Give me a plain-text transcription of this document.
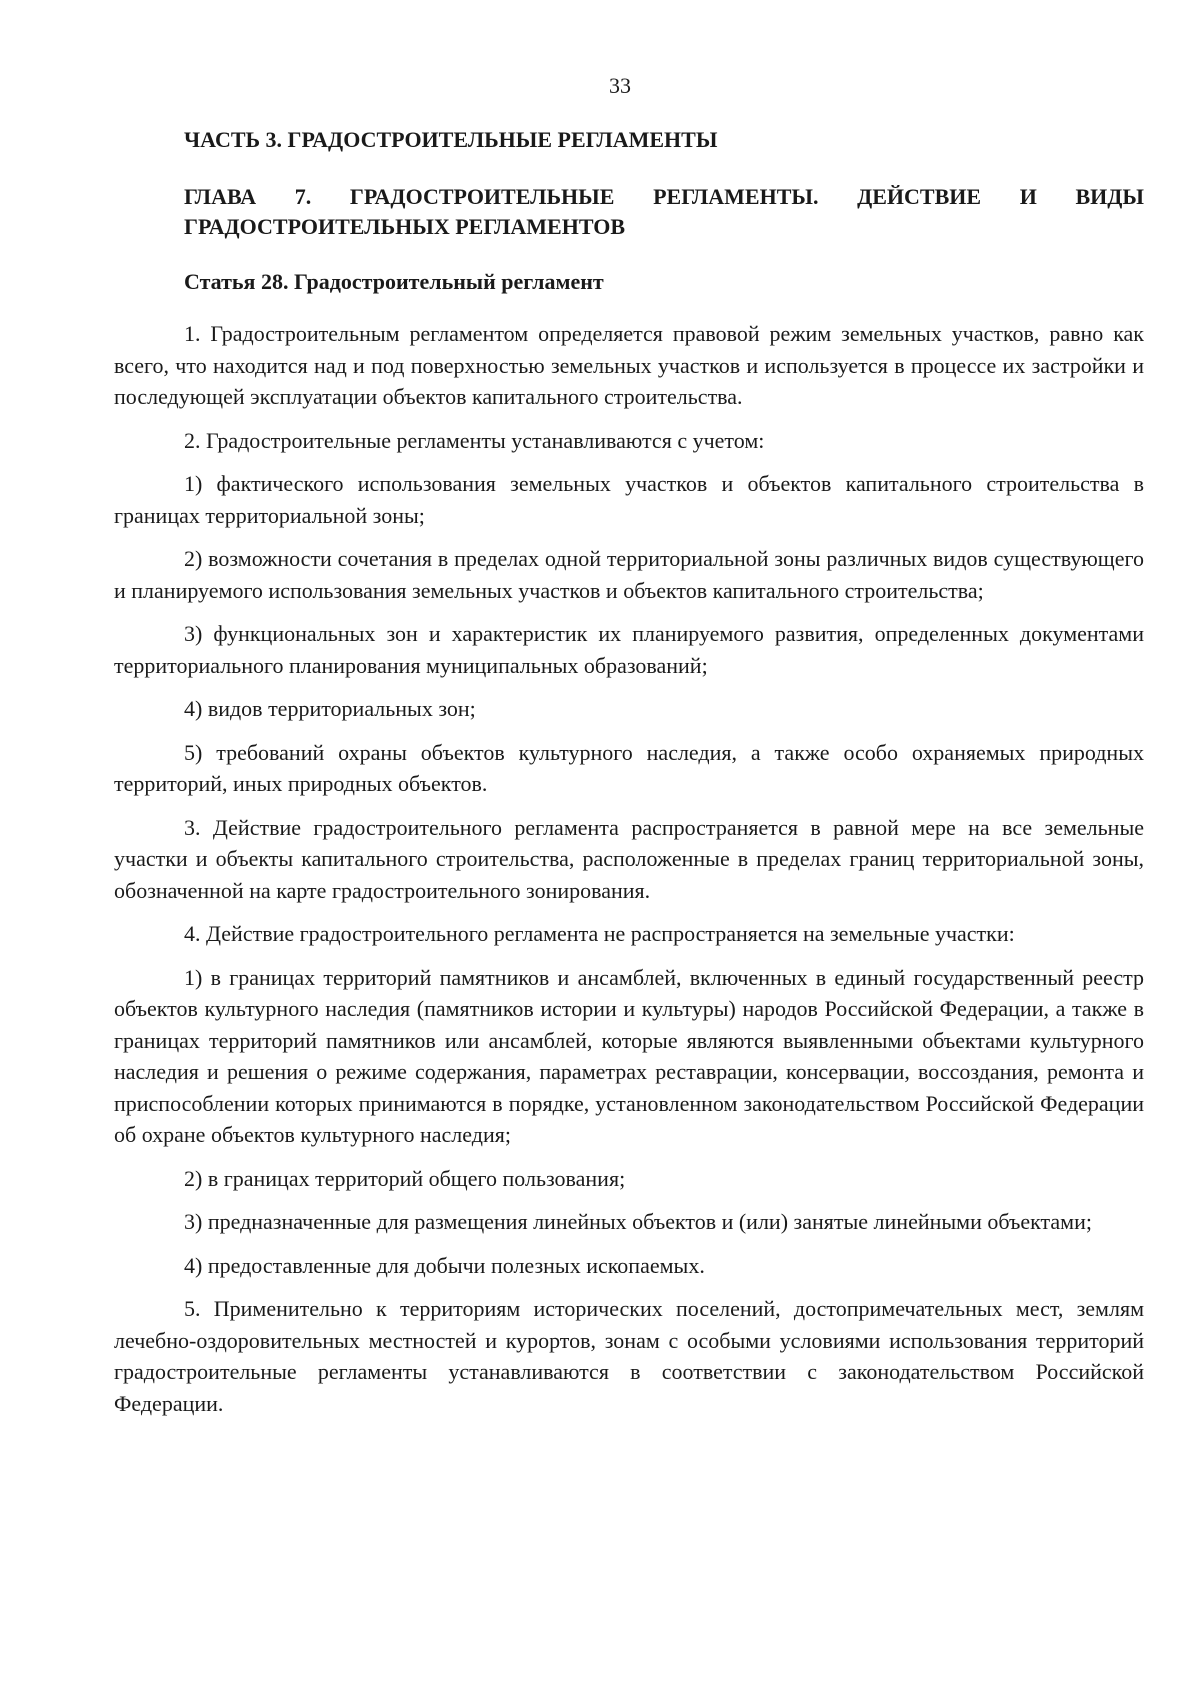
33
ЧАСТЬ 3. ГРАДОСТРОИТЕЛЬНЫЕ РЕГЛАМЕНТЫ
ГЛАВА 7. ГРАДОСТРОИТЕЛЬНЫЕ РЕГЛАМЕНТЫ. ДЕЙСТВИЕ И ВИДЫ
ГРАДОСТРОИТЕЛЬНЫХ РЕГЛАМЕНТОВ
Статья 28. Градостроительный регламент

1. Градостроительным регламентом определяется правовой режим земельных участков, равно как всего, что находится над и под поверхностью земельных участков и используется в процессе их застройки и последующей эксплуатации объектов капитального строительства.

2. Градостроительные регламенты устанавливаются с учетом:

1) фактического использования земельных участков и объектов капитального строительства в границах территориальной зоны;

2) возможности сочетания в пределах одной территориальной зоны различных видов существующего и планируемого использования земельных участков и объектов капитального строительства;

3) функциональных зон и характеристик их планируемого развития, определенных документами территориального планирования муниципальных образований;

4) видов территориальных зон;

5) требований охраны объектов культурного наследия, а также особо охраняемых природных территорий, иных природных объектов.

3. Действие градостроительного регламента распространяется в равной мере на все земельные участки и объекты капитального строительства, расположенные в пределах границ территориальной зоны, обозначенной на карте градостроительного зонирования.

4. Действие градостроительного регламента не распространяется на земельные участки:

1) в границах территорий памятников и ансамблей, включенных в единый государственный реестр объектов культурного наследия (памятников истории и культуры) народов Российской Федерации, а также в границах территорий памятников или ансамблей, которые являются выявленными объектами культурного наследия и решения о режиме содержания, параметрах реставрации, консервации, воссоздания, ремонта и приспособлении которых принимаются в порядке, установленном законодательством Российской Федерации об охране объектов культурного наследия;

2) в границах территорий общего пользования;

3) предназначенные для размещения линейных объектов и (или) занятые линейными объектами;

4) предоставленные для добычи полезных ископаемых.

5. Применительно к территориям исторических поселений, достопримечательных мест, землям лечебно-оздоровительных местностей и курортов, зонам с особыми условиями использования территорий градостроительные регламенты устанавливаются в соответствии с законодательством Российской Федерации.
